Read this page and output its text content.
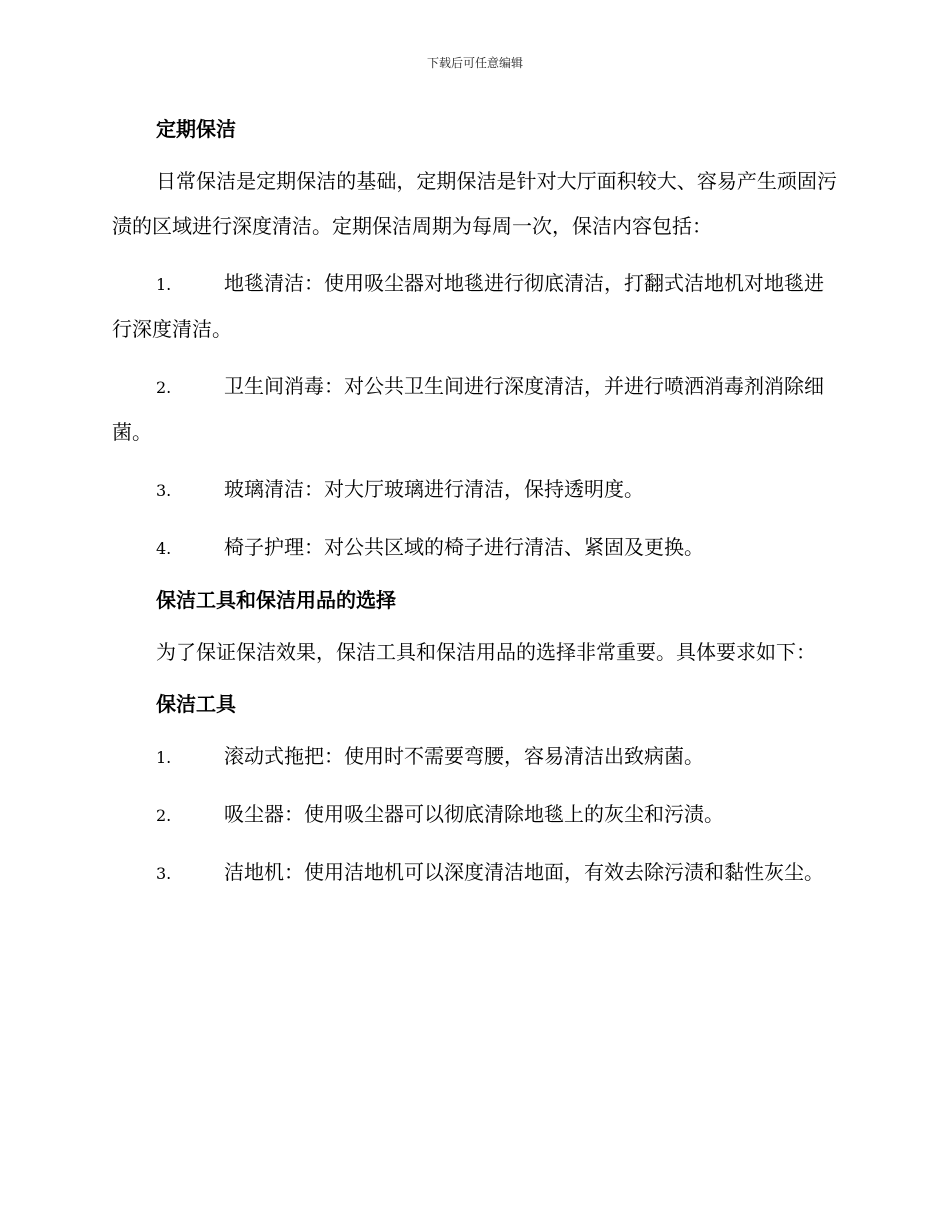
下载后可任意编辑
定期保洁

日常保洁是定期保洁的基础，定期保洁是针对大厅面积较大、容易产生顽固污渍的区域进行深度清洁。定期保洁周期为每周一次，保洁内容包括：

1.	地毯清洁：使用吸尘器对地毯进行彻底清洁，打翻式洁地机对地毯进行深度清洁。

2.	卫生间消毒：对公共卫生间进行深度清洁，并进行喷洒消毒剂消除细菌。

3.	玻璃清洁：对大厅玻璃进行清洁，保持透明度。

4.	椅子护理：对公共区域的椅子进行清洁、紧固及更换。

保洁工具和保洁用品的选择

为了保证保洁效果，保洁工具和保洁用品的选择非常重要。具体要求如下：

保洁工具

1.	滚动式拖把：使用时不需要弯腰，容易清洁出致病菌。

2.	吸尘器：使用吸尘器可以彻底清除地毯上的灰尘和污渍。

3.	洁地机：使用洁地机可以深度清洁地面，有效去除污渍和黏性灰尘。
